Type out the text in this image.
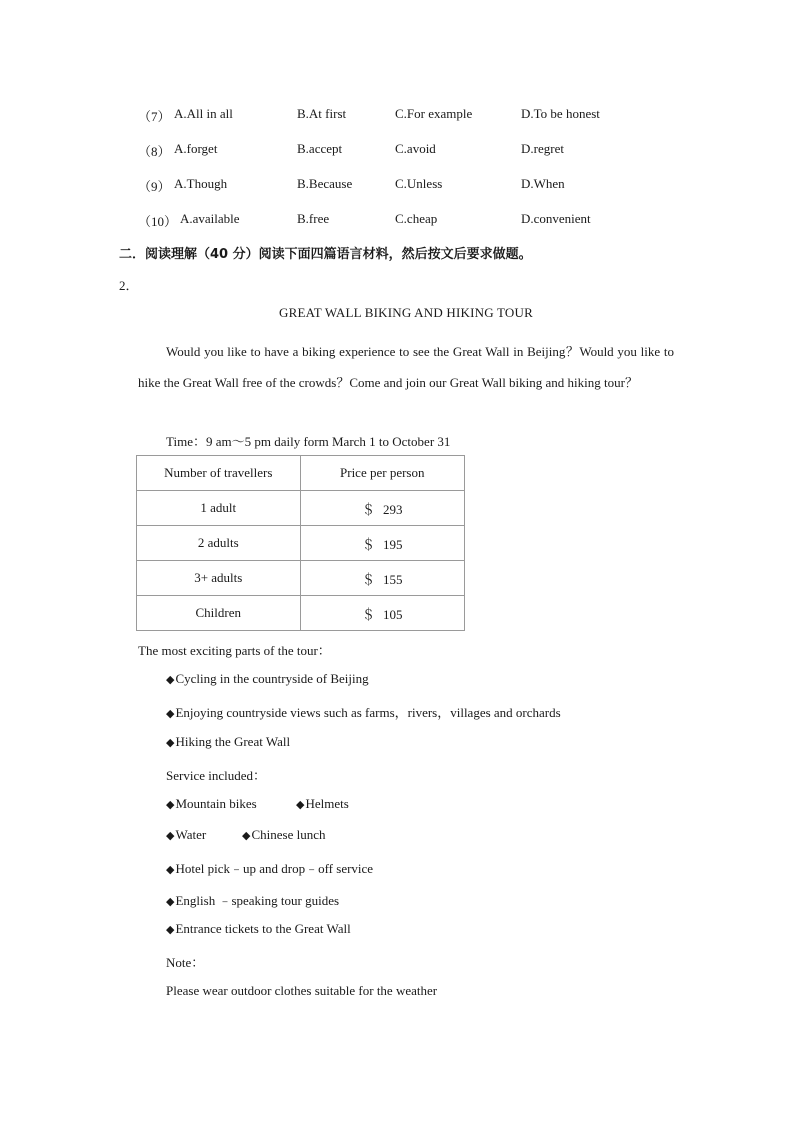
（7） A.All in all	B.At first	C.For example	D.To be honest
（8） A.forget	B.accept	C.avoid	D.regret
（9） A.Though	B.Because	C.Unless	D.When
（10） A.available	B.free	C.cheap	D.convenient
二．阅读理解（40 分）阅读下面四篇语言材料，然后按文后要求做题。
2．
GREAT WALL BIKING AND HIKING TOUR
Would you like to have a biking experience to see the Great Wall in Beijing？Would you like to hike the Great Wall free of the crowds？Come and join our Great Wall biking and hiking tour？
Time：9 am～5 pm daily form March 1 to October 31
Number of travellers	Price per person
1 adult	＄ 293
2 adults	＄ 195
3+ adults	＄ 155
Children	＄ 105
The most exciting parts of the tour：
◆Cycling in the countryside of Beijing
◆Enjoying countryside views such as farms，rivers，villages and orchards
◆Hiking the Great Wall
Service included：
◆Mountain bikes	◆Helmets
◆Water	◆Chinese lunch
◆Hotel pick﹣up and drop﹣off service
◆English ﹣speaking tour guides
◆Entrance tickets to the Great Wall
Note：
Please wear outdoor clothes suitable for the weather
